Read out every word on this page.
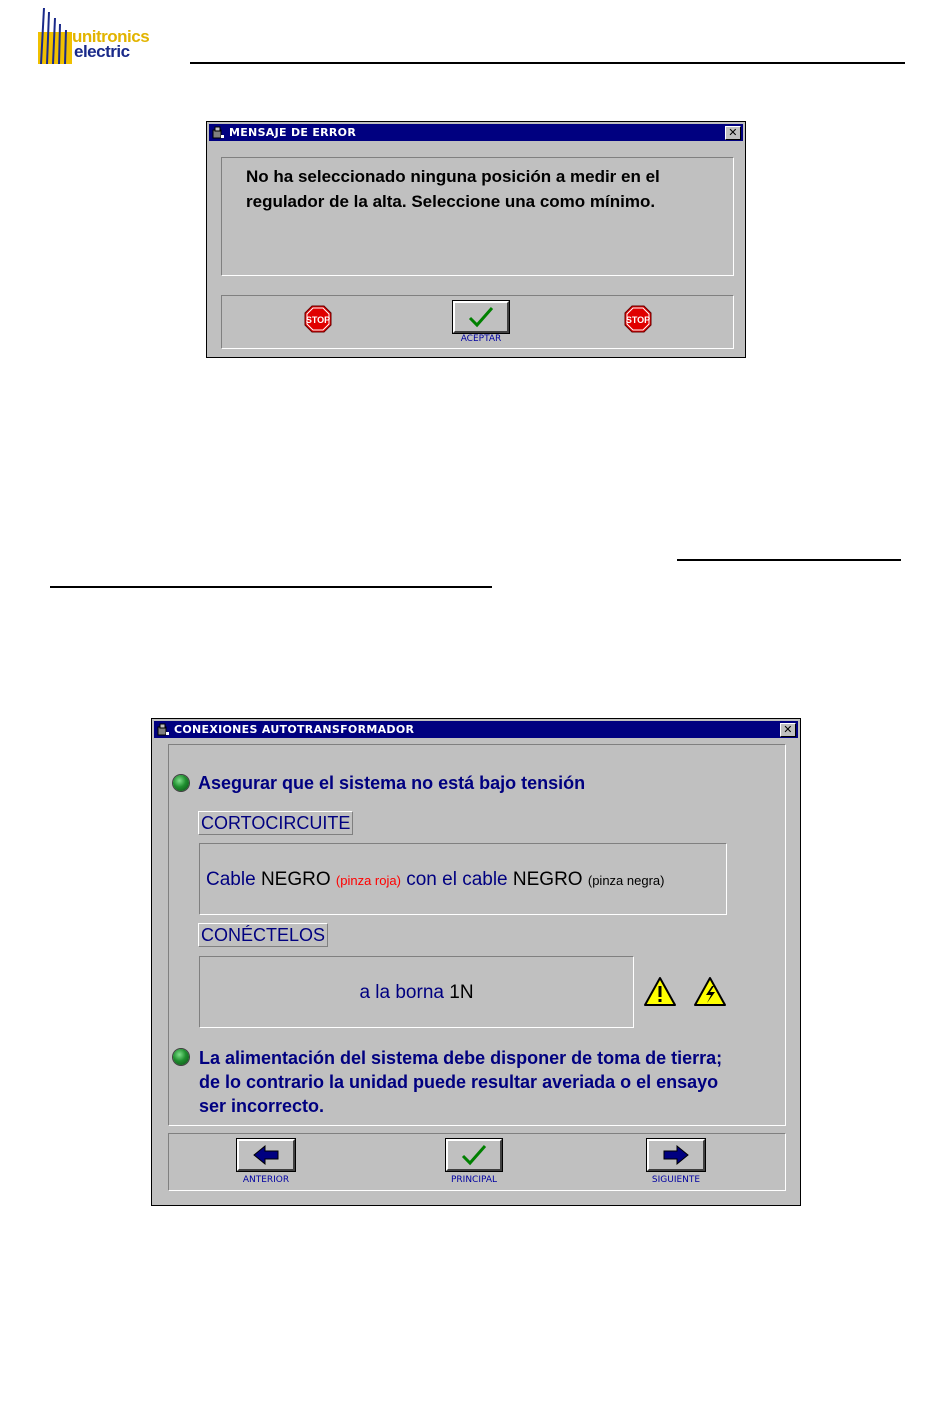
unitronics
electric
MENSAJE DE ERROR	✕
No ha seleccionado ninguna posición a medir en el
regulador de la alta. Seleccione una como mínimo.
STOP
ACEPTAR
STOP
CONEXIONES AUTOTRANSFORMADOR	✕
Asegurar que el sistema no está bajo tensión
CORTOCIRCUITE
Cable NEGRO (pinza roja) con el cable NEGRO (pinza negra)
CONÉCTELOS
a la borna 1N
La alimentación del sistema debe disponer de toma de tierra;
de lo contrario la unidad puede resultar averiada o el ensayo
ser incorrecto.
ANTERIOR	PRINCIPAL	SIGUIENTE
